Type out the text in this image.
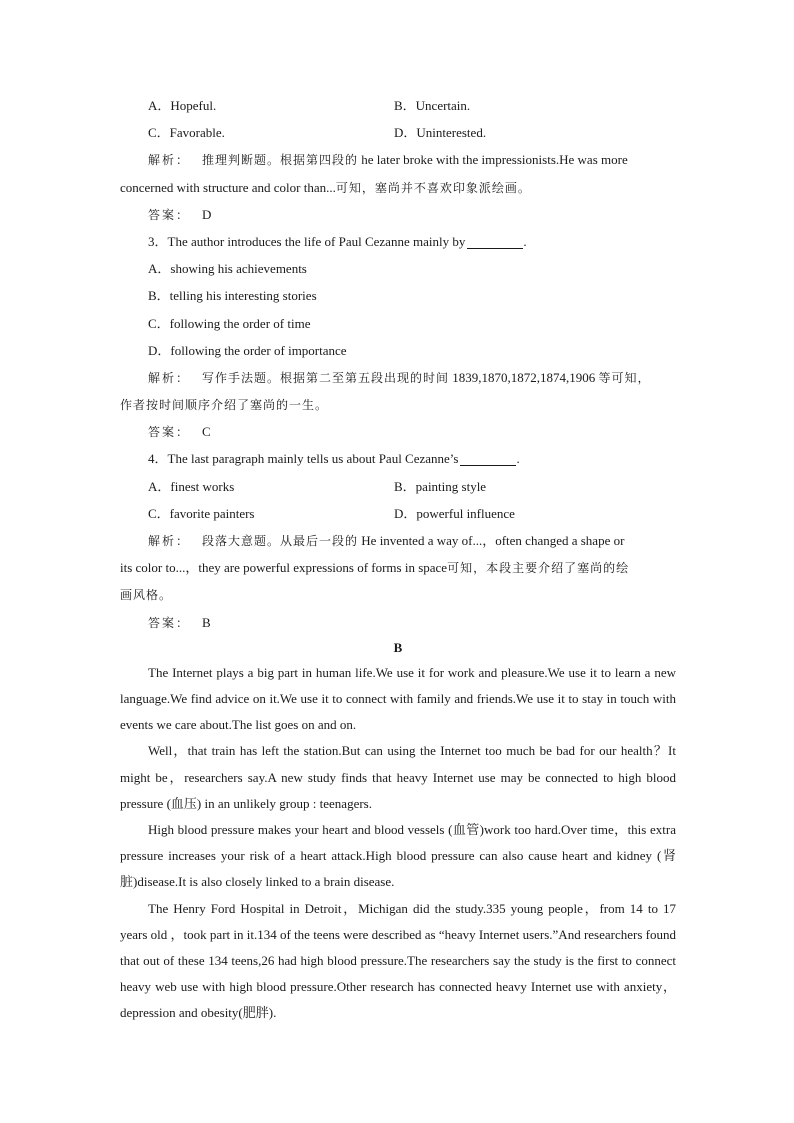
A．Hopeful.	B．Uncertain.
C．Favorable.	D．Uninterested.
解析： 推理判断题。根据第四段的 he later broke with the impressionists.He was more
concerned with structure and color than...可知，塞尚并不喜欢印象派绘画。
答案： D
3．The author introduces the life of Paul Cezanne mainly by	.
A．showing his achievements
B．telling his interesting stories
C．following the order of time
D．following the order of importance
解析： 写作手法题。根据第二至第五段出现的时间 1839,1870,1872,1874,1906 等可知，
作者按时间顺序介绍了塞尚的一生。
答案： C
4．The last paragraph mainly tells us about Paul Cezanne’s	.
A．finest works	B．painting style
C．favorite painters	D．powerful influence
解析： 段落大意题。从最后一段的 He invented a way of...，often changed a shape or
its color to...，they are powerful expressions of forms in space可知，本段主要介绍了塞尚的绘
画风格。
答案： B
B

The Internet plays a big part in human life.We use it for work and pleasure.We use it to learn a new language.We find advice on it.We use it to connect with family and friends.We use it to stay in touch with events we care about.The list goes on and on.

Well，that train has left the station.But can using the Internet too much be bad for our health？It might be，researchers say.A new study finds that heavy Internet use may be connected to high blood pressure (血压) in an unlikely group : teenagers.

High blood pressure makes your heart and blood vessels (血管)work too hard.Over time，this extra pressure increases your risk of a heart attack.High blood pressure can also cause heart and kidney (肾脏)disease.It is also closely linked to a brain disease.

The Henry Ford Hospital in Detroit，Michigan did the study.335 young people，from 14 to 17 years old ，took part in it.134 of the teens were described as “heavy Internet users.”And researchers found that out of these 134 teens,26 had high blood pressure.The researchers say the study is the first to connect heavy web use with high blood pressure.Other research has connected heavy Internet use with anxiety，depression and obesity(肥胖).
